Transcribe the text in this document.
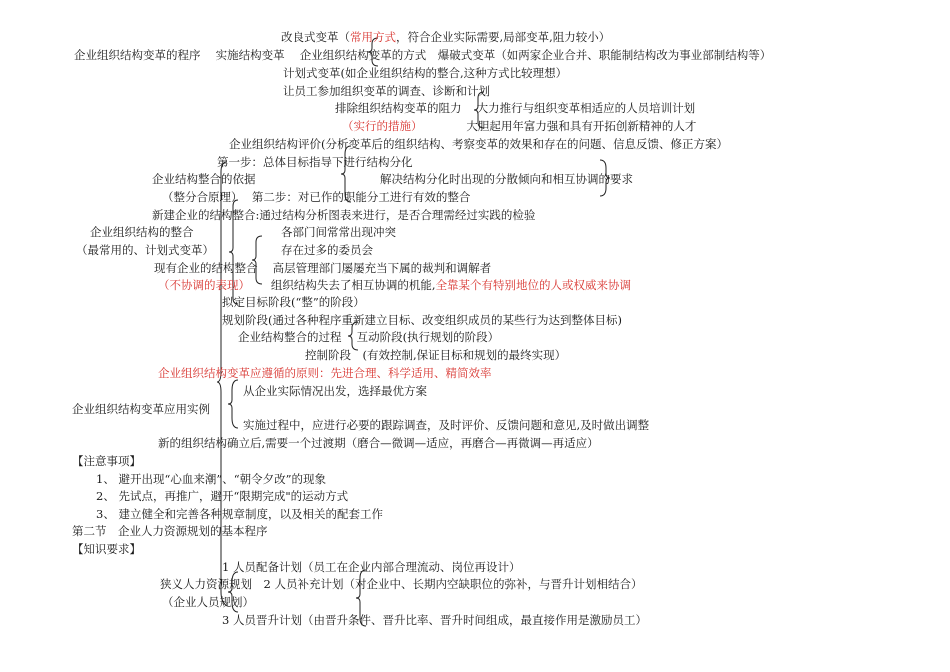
改良式变革（常用方式，符合企业实际需要,局部变革,阻力较小）
企业组织结构变革的程序　 实施结构变革　 企业组织结构变革的方式　爆破式变革（如两家企业合并、职能制结构改为事业部制结构等）
计划式变革(如企业组织结构的整合,这种方式比较理想）
让员工参加组织变革的调查、诊断和计划
排除组织结构变革的阻力　 大力推行与组织变革相适应的人员培训计划
（实行的措施）　　　　 大胆起用年富力强和具有开拓创新精神的人才
企业组织结构评价(分析变革后的组织结构、考察变革的效果和存在的问题、信息反馈、修正方案）
第一步：总体目标指导下进行结构分化
企业结构整合的依据	解决结构分化时出现的分散倾向和相互协调的要求
（整分合原理）　 第二步：对已作的职能分工进行有效的整合
新建企业的结构整合:通过结构分析图表来进行，是否合理需经过实践的检验
企业组织结构的整合	各部门间常常出现冲突
（最常用的、计划式变革）	存在过多的委员会
现有企业的结构整合　 高层管理部门屡屡充当下属的裁判和调解者
（不协调的表现）　　 组织结构失去了相互协调的机能,全靠某个有特别地位的人或权威来协调
拟定目标阶段(“整”的阶段）
规划阶段(通过各种程序重新建立目标、改变组织成员的某些行为达到整体目标)
企业结构整合的过程　 互动阶段(执行规划的阶段）
控制阶段　(有效控制,保证目标和规划的最终实现）
企业组织结构变革应遵循的原则：先进合理、科学适用、精简效率
从企业实际情况出发，选择最优方案
企业组织结构变革应用实例
实施过程中，应进行必要的跟踪调查，及时评价、反馈问题和意见,及时做出调整
新的组织结构确立后,需要一个过渡期（磨合—微调—适应，再磨合—再微调—再适应）
【注意事项】
1、 避开出现“心血来潮”、“朝令夕改”的现象
2、 先试点，再推广，避开“限期完成"的运动方式
3、 建立健全和完善各种规章制度，以及相关的配套工作
第二节　企业人力资源规划的基本程序
【知识要求】
1 人员配备计划（员工在企业内部合理流动、岗位再设计）
狭义人力资源规划　2 人员补充计划（对企业中、长期内空缺职位的弥补，与晋升计划相结合）
（企业人员规划）
3 人员晋升计划（由晋升条件、晋升比率、晋升时间组成，最直接作用是激励员工）
